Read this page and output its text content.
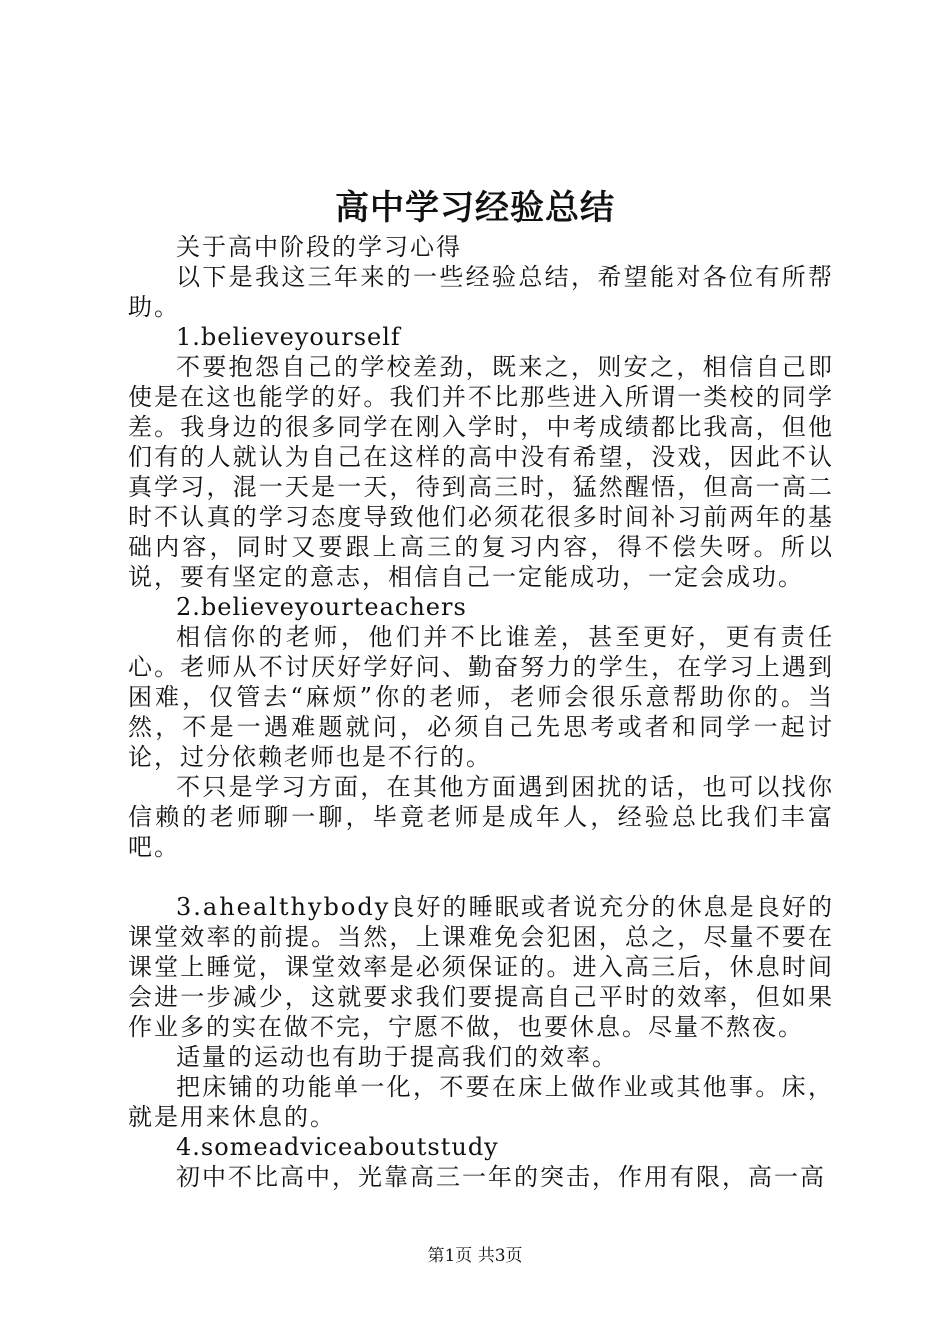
高中学习经验总结

关于高中阶段的学习心得

以下是我这三年来的一些经验总结，希望能对各位有所帮助。

1.believeyourself

不要抱怨自己的学校差劲，既来之，则安之，相信自己即使是在这也能学的好。我们并不比那些进入所谓一类校的同学差。我身边的很多同学在刚入学时，中考成绩都比我高，但他们有的人就认为自己在这样的高中没有希望，没戏，因此不认真学习，混一天是一天，待到高三时，猛然醒悟，但高一高二时不认真的学习态度导致他们必须花很多时间补习前两年的基础内容，同时又要跟上高三的复习内容，得不偿失呀。所以说，要有坚定的意志，相信自己一定能成功，一定会成功。

2.believeyourteachers

相信你的老师，他们并不比谁差，甚至更好，更有责任心。老师从不讨厌好学好问、勤奋努力的学生，在学习上遇到困难，仅管去“麻烦”你的老师，老师会很乐意帮助你的。当然，不是一遇难题就问，必须自己先思考或者和同学一起讨论，过分依赖老师也是不行的。

不只是学习方面，在其他方面遇到困扰的话，也可以找你信赖的老师聊一聊，毕竟老师是成年人，经验总比我们丰富吧。

3.ahealthybody良好的睡眠或者说充分的休息是良好的课堂效率的前提。当然，上课难免会犯困，总之，尽量不要在课堂上睡觉，课堂效率是必须保证的。进入高三后，休息时间会进一步减少，这就要求我们要提高自己平时的效率，但如果作业多的实在做不完，宁愿不做，也要休息。尽量不熬夜。

适量的运动也有助于提高我们的效率。

把床铺的功能单一化，不要在床上做作业或其他事。床，就是用来休息的。

4.someadviceaboutstudy

初中不比高中，光靠高三一年的突击，作用有限，高一高

第1页 共3页
